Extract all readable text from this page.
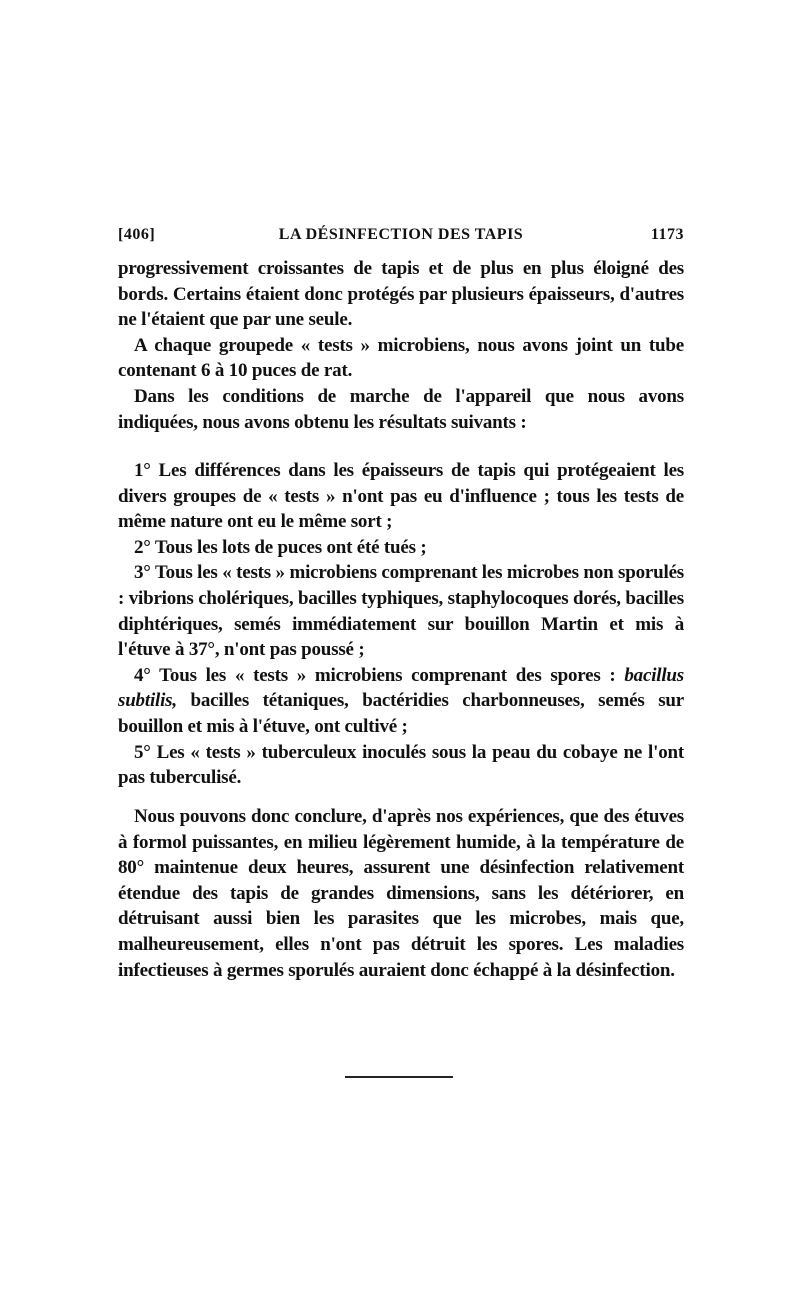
[406]	LA DÉSINFECTION DES TAPIS	1173

progressivement croissantes de tapis et de plus en plus éloigné des bords. Certains étaient donc protégés par plusieurs épaisseurs, d'autres ne l'étaient que par une seule.

A chaque groupede « tests » microbiens, nous avons joint un tube contenant 6 à 10 puces de rat.

Dans les conditions de marche de l'appareil que nous avons indiquées, nous avons obtenu les résultats suivants :

1° Les différences dans les épaisseurs de tapis qui protégeaient les divers groupes de « tests » n'ont pas eu d'influence ; tous les tests de même nature ont eu le même sort ;

2° Tous les lots de puces ont été tués ;

3° Tous les « tests » microbiens comprenant les microbes non sporulés : vibrions cholériques, bacilles typhiques, staphylocoques dorés, bacilles diphtériques, semés immédiatement sur bouillon Martin et mis à l'étuve à 37°, n'ont pas poussé ;

4° Tous les « tests » microbiens comprenant des spores : bacillus subtilis, bacilles tétaniques, bactéridies charbonneuses, semés sur bouillon et mis à l'étuve, ont cultivé ;

5° Les « tests » tuberculeux inoculés sous la peau du cobaye ne l'ont pas tuberculisé.

Nous pouvons donc conclure, d'après nos expériences, que des étuves à formol puissantes, en milieu légèrement humide, à la température de 80° maintenue deux heures, assurent une désinfection relativement étendue des tapis de grandes dimensions, sans les détériorer, en détruisant aussi bien les parasites que les microbes, mais que, malheureusement, elles n'ont pas détruit les spores. Les maladies infectieuses à germes sporulés auraient donc échappé à la désinfection.
